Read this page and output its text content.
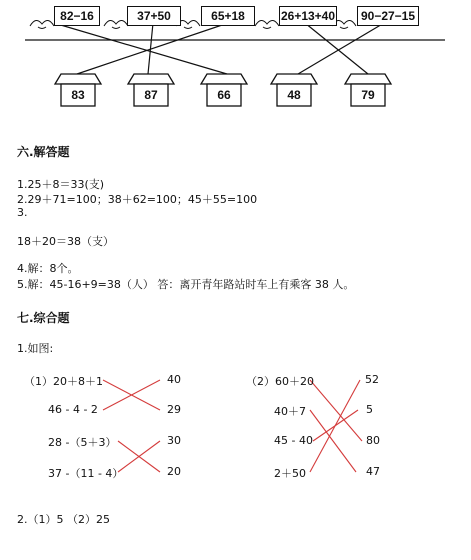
82−16	37+50	65+18	26+13+40	90−27−15
83	87	66	48	79
六.解答题
1.25＋8＝33(支)
2.29＋71=100；38＋62=100；45＋55=100
3.
18＋20＝38（支）
4.解：8个。
5.解：45-16+9=38（人） 答：离开青年路站时车上有乘客 38 人。
七.综合题
1.如图:
（1）20＋8＋1
46 - 4 - 2
28 -（5＋3）
37 -（11 - 4）
40
29
30
20
（2）60＋20
40＋7
45 - 40
2＋50
52
5
80
47
2.（1）5 （2）25
